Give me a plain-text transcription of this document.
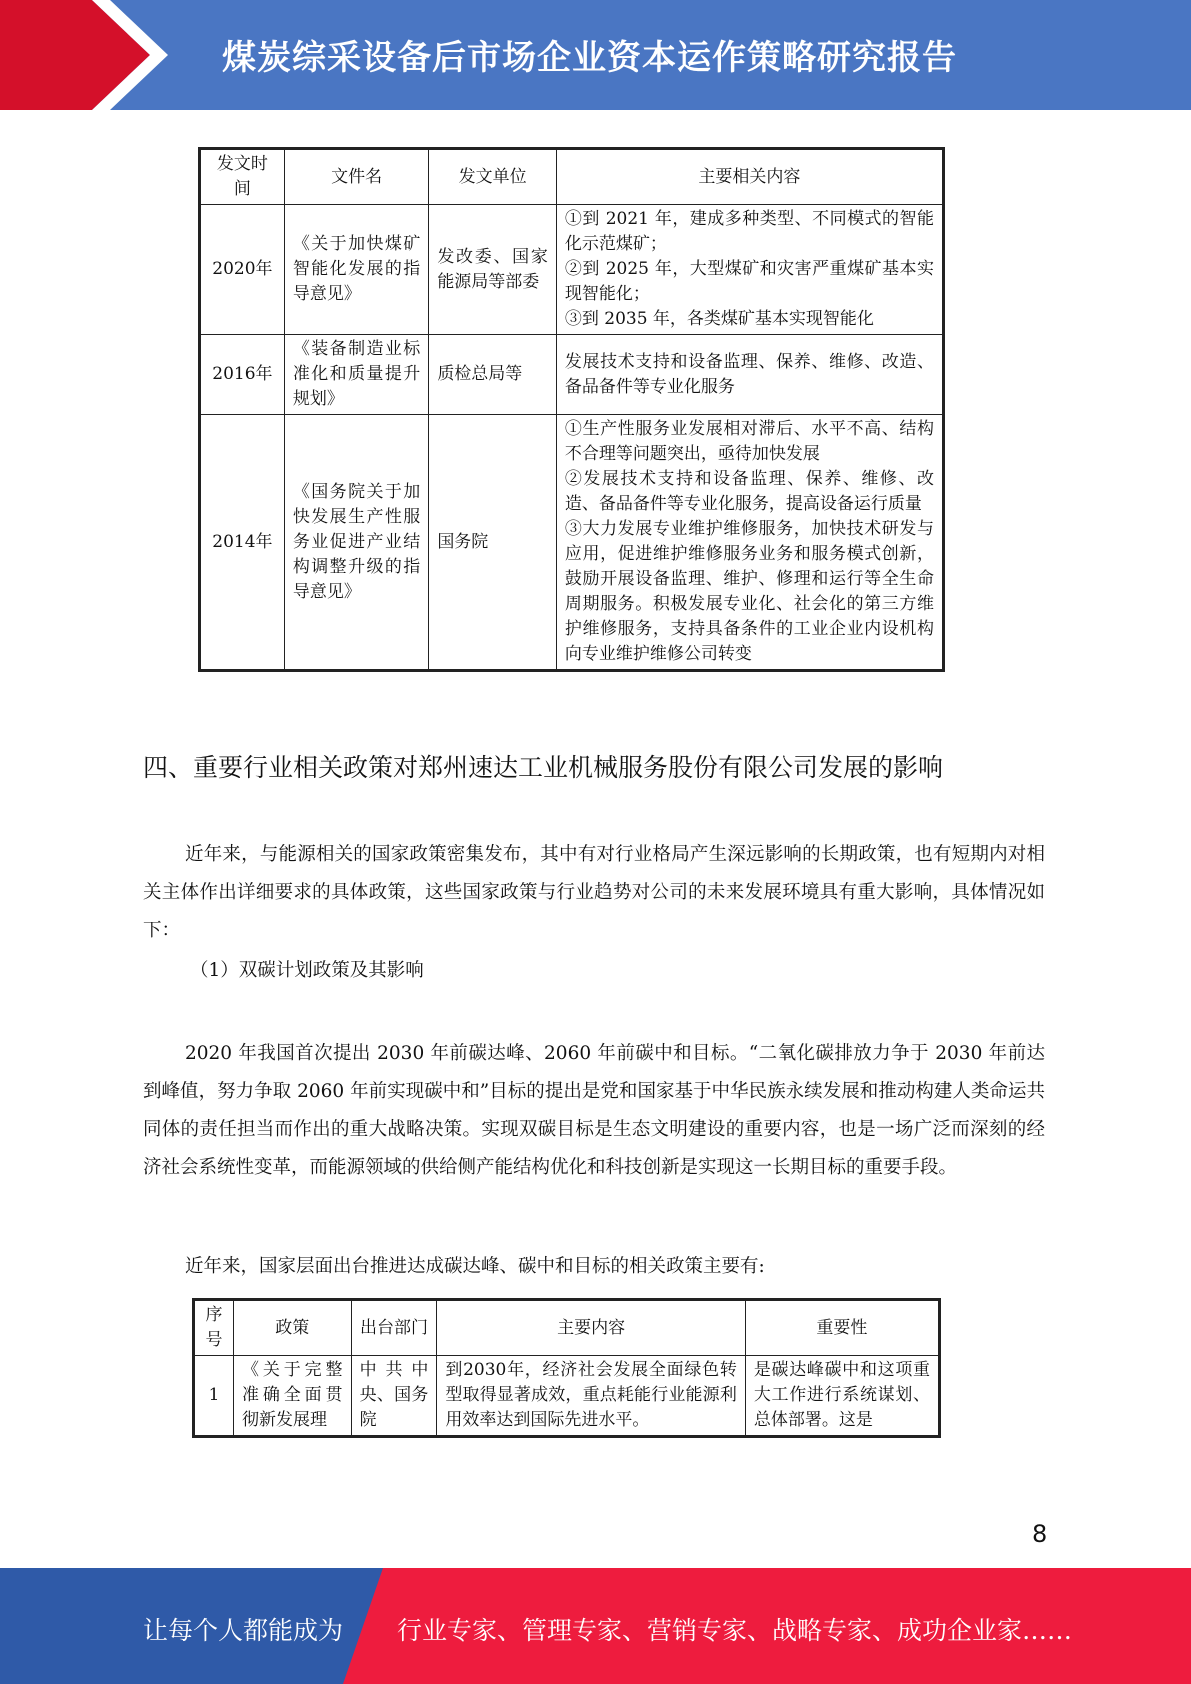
煤炭综采设备后市场企业资本运作策略研究报告
发文时间	文件名	发文单位	主要相关内容
2020年	《关于加快煤矿智能化发展的指导意见》	发改委、国家能源局等部委	①到 2021 年，建成多种类型、不同模式的智能化示范煤矿；
②到 2025 年，大型煤矿和灾害严重煤矿基本实现智能化；
③到 2035 年，各类煤矿基本实现智能化

2016年	《装备制造业标准化和质量提升规划》	质检总局等	发展技术支持和设备监理、保养、维修、改造、备品备件等专业化服务

2014年	《国务院关于加快发展生产性服务业促进产业结构调整升级的指导意见》	国务院	①生产性服务业发展相对滞后、水平不高、结构不合理等问题突出，亟待加快发展
②发展技术支持和设备监理、保养、维修、改造、备品备件等专业化服务，提高设备运行质量
③大力发展专业维护维修服务，加快技术研发与应用，促进维护维修服务业务和服务模式创新，鼓励开展设备监理、维护、修理和运行等全生命周期服务。积极发展专业化、社会化的第三方维护维修服务，支持具备条件的工业企业内设机构向专业维护维修公司转变
四、重要行业相关政策对郑州速达工业机械服务股份有限公司发展的影响

近年来，与能源相关的国家政策密集发布，其中有对行业格局产生深远影响的长期政策，也有短期内对相关主体作出详细要求的具体政策，这些国家政策与行业趋势对公司的未来发展环境具有重大影响，具体情况如下：

（1）双碳计划政策及其影响

2020 年我国首次提出 2030 年前碳达峰、2060 年前碳中和目标。“二氧化碳排放力争于 2030 年前达到峰值，努力争取 2060 年前实现碳中和”目标的提出是党和国家基于中华民族永续发展和推动构建人类命运共同体的责任担当而作出的重大战略决策。实现双碳目标是生态文明建设的重要内容，也是一场广泛而深刻的经济社会系统性变革，而能源领域的供给侧产能结构优化和科技创新是实现这一长期目标的重要手段。

近年来，国家层面出台推进达成碳达峰、碳中和目标的相关政策主要有:

序号	政策	出台部门	主要内容	重要性
1	《关于完整准确全面贯彻新发展理	中共中央、国务院	到2030年，经济社会发展全面绿色转型取得显著成效，重点耗能行业能源利用效率达到国际先进水平。	是碳达峰碳中和这项重大工作进行系统谋划、总体部署。这是
8
让每个人都能成为 行业专家、管理专家、营销专家、战略专家、成功企业家……
